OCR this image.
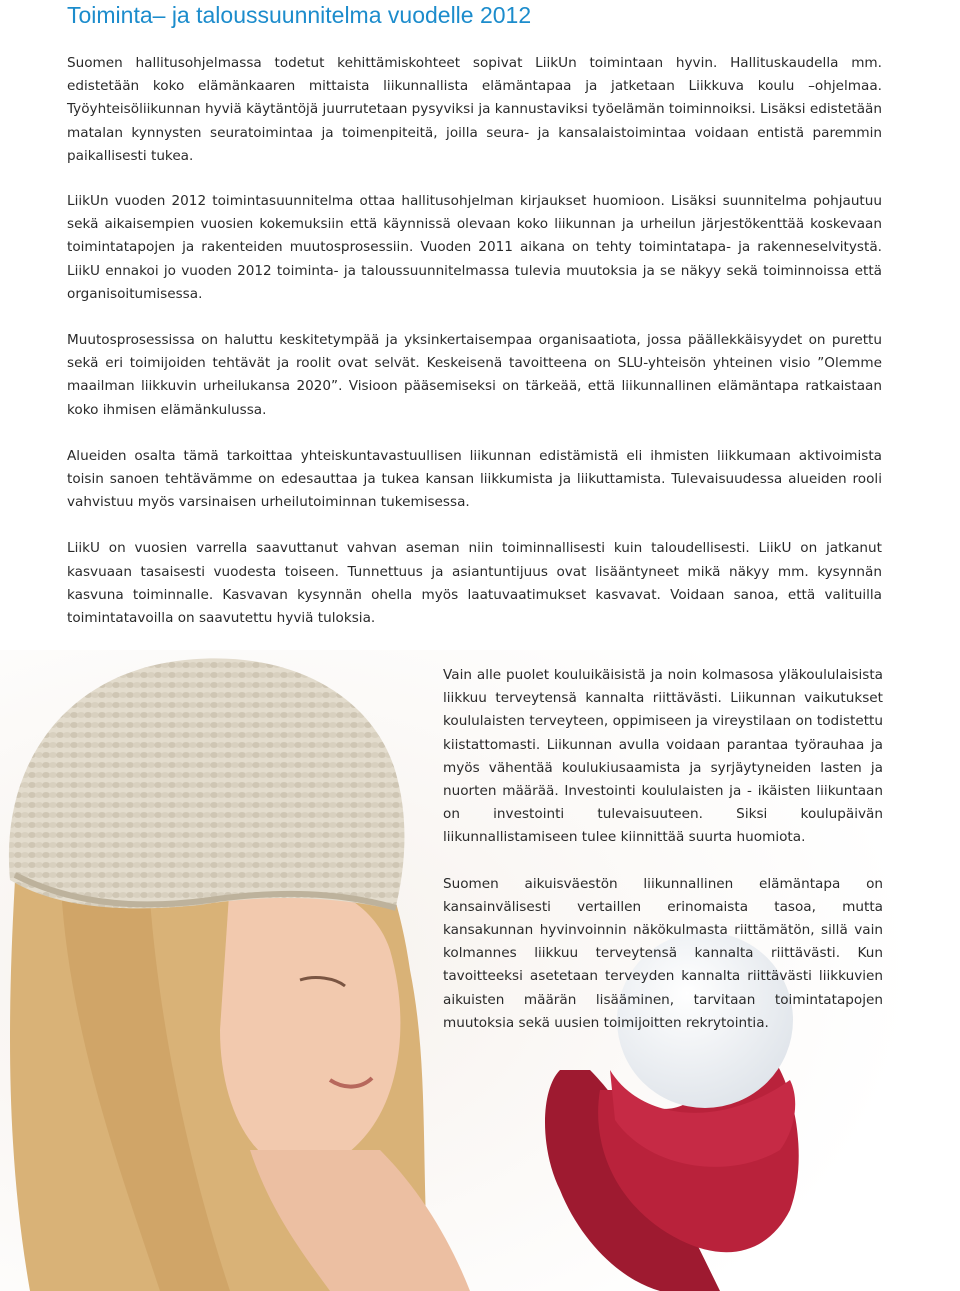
Toiminta– ja taloussuunnitelma vuodelle 2012

Suomen hallitusohjelmassa todetut kehittämiskohteet sopivat LiikUn toimintaan hyvin. Hallituskaudella mm. edistetään koko elämänkaaren mittaista liikunnallista elämäntapaa ja jatketaan Liikkuva koulu –ohjelmaa. Työyhteisöliikunnan hyviä käytäntöjä juurrutetaan pysyviksi ja kannustaviksi työelämän toiminnoiksi. Lisäksi edistetään matalan kynnysten seuratoimintaa ja toimenpiteitä, joilla seura- ja kansalaistoimintaa voidaan entistä paremmin paikallisesti tukea.

LiikUn vuoden 2012 toimintasuunnitelma ottaa hallitusohjelman kirjaukset huomioon. Lisäksi suunnitelma pohjautuu sekä aikaisempien vuosien kokemuksiin että käynnissä olevaan koko liikunnan ja urheilun järjestökenttää koskevaan toimintatapojen ja rakenteiden muutosprosessiin. Vuoden 2011 aikana on tehty toimintatapa- ja rakenneselvitystä. LiikU ennakoi jo vuoden 2012 toiminta- ja taloussuunnitelmassa tulevia muutoksia ja se näkyy sekä toiminnoissa että organisoitumisessa.

Muutosprosessissa on haluttu keskitetympää ja yksinkertaisempaa organisaatiota, jossa päällekkäisyydet on purettu sekä eri toimijoiden tehtävät ja roolit ovat selvät. Keskeisenä tavoitteena on SLU-yhteisön yhteinen visio ”Olemme maailman liikkuvin urheilukansa 2020”. Visioon pääsemiseksi on tärkeää, että liikunnallinen elämäntapa ratkaistaan koko ihmisen elämänkulussa.

Alueiden osalta tämä tarkoittaa yhteiskuntavastuullisen liikunnan edistämistä eli ihmisten liikkumaan aktivoimista toisin sanoen tehtävämme on edesauttaa ja tukea kansan liikkumista ja liikuttamista. Tulevaisuudessa alueiden rooli vahvistuu myös varsinaisen urheilutoiminnan tukemisessa.

LiikU on vuosien varrella saavuttanut vahvan aseman niin toiminnallisesti kuin taloudellisesti. LiikU on jatkanut kasvuaan tasaisesti vuodesta toiseen. Tunnettuus ja asiantuntijuus ovat lisääntyneet mikä näkyy mm. kysynnän kasvuna toiminnalle. Kasvavan kysynnän ohella myös laatuvaatimukset kasvavat. Voidaan sanoa, että valituilla toimintatavoilla on saavutettu hyviä tuloksia.

Vain alle puolet kouluikäisistä ja noin kolmasosa yläkoululaisista liikkuu terveytensä kannalta riittävästi. Liikunnan vaikutukset koululaisten terveyteen, oppimiseen ja vireystilaan on todistettu kiistattomasti. Liikunnan avulla voidaan parantaa työrauhaa ja myös vähentää koulukiusaamista ja syrjäytyneiden lasten ja nuorten määrää. Investointi koululaisten ja - ikäisten liikuntaan on investointi tulevaisuuteen. Siksi koulupäivän liikunnallistamiseen tulee kiinnittää suurta huomiota.

Suomen aikuisväestön liikunnallinen elämäntapa on kansainvälisesti vertaillen erinomaista tasoa, mutta kansakunnan hyvinvoinnin näkökulmasta riittämätön, sillä vain kolmannes liikkuu terveytensä kannalta riittävästi. Kun tavoitteeksi asetetaan terveyden kannalta riittävästi liikkuvien aikuisten määrän lisääminen, tarvitaan toimintatapojen muutoksia sekä uusien toimijoitten rekrytointia.
